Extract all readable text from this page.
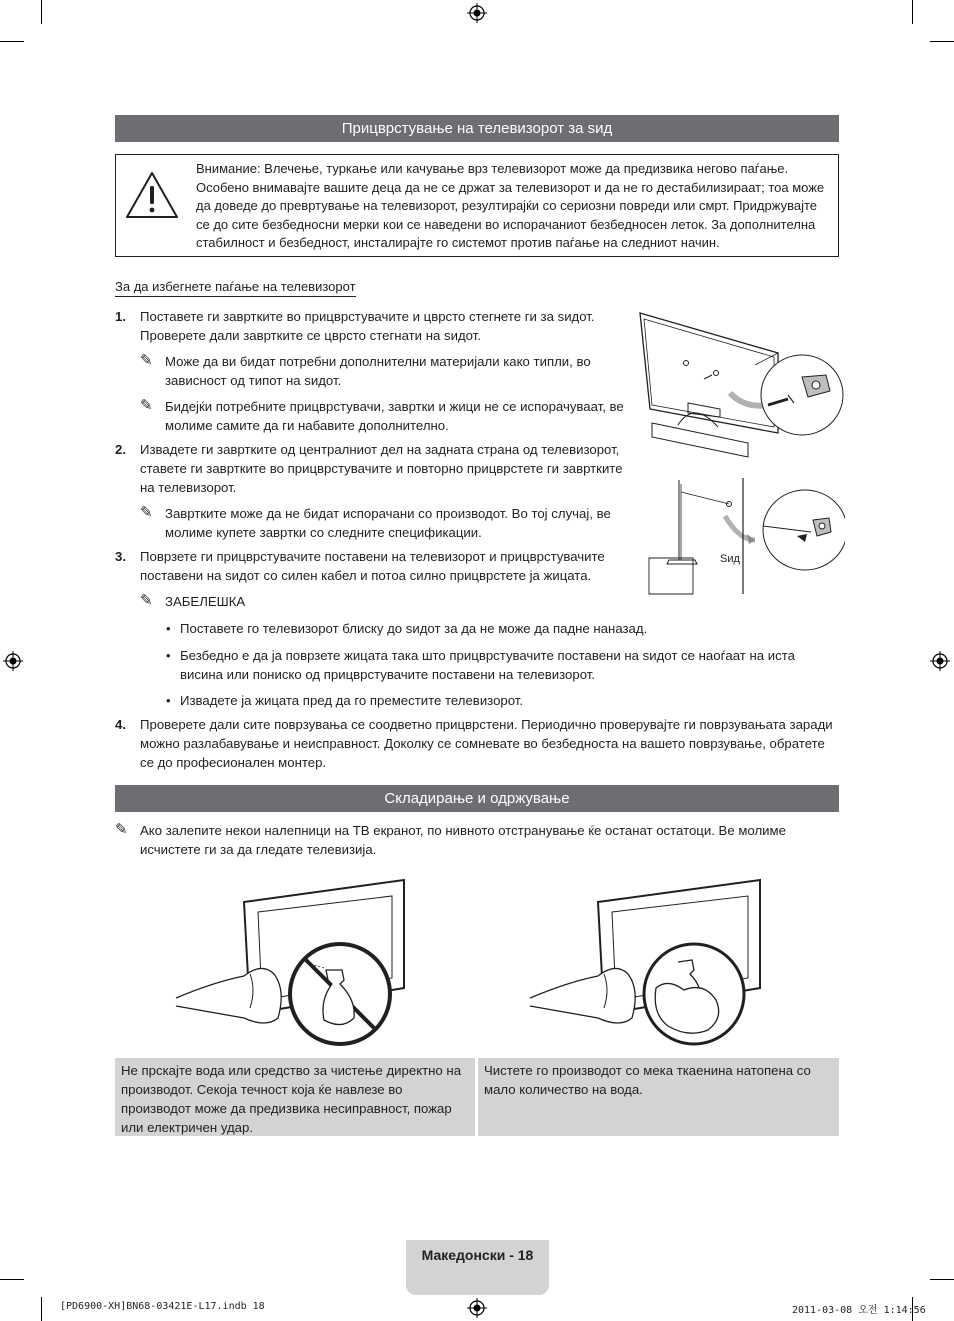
Прицврстување на телевизорот за ѕид
Внимание: Влечење, туркање или качување врз телевизорот може да предизвика негово паѓање. Особено внимавајте вашите деца да не се држат за телевизорот и да не го дестабилизираат; тоа може да доведе до превртување на телевизорот, резултирајќи со сериозни повреди или смрт. Придржувајте се до сите безбедносни мерки кои се наведени во испорачаниот безбедносен леток. За дополнителна стабилност и безбедност, инсталирајте го системот против паѓање на следниот начин.
За да избегнете паѓање на телевизорот
1. Поставете ги завртките во прицврстувачите и цврсто стегнете ги за ѕидот. Проверете дали завртките се цврсто стегнати на ѕидот.
✎ Може да ви бидат потребни дополнителни материјали како типли, во зависност од типот на ѕидот.
✎ Бидејќи потребните прицврстувачи, завртки и жици не се испорачуваат, ве молиме самите да ги набавите дополнително.
2. Извадете ги завртките од централниот дел на задната страна од телевизорот, ставете ги завртките во прицврстувачите и повторно прицврстете ги завртките на телевизорот.
✎ Завртките може да не бидат испорачани со производот. Во тој случај, ве молиме купете завртки со следните спецификации.
3. Поврзете ги прицврстувачите поставени на телевизорот и прицврстувачите поставени на ѕидот со силен кабел и потоа силно прицврстете ја жицата.
✎ ЗАБЕЛЕШКА
• Поставете го телевизорот блиску до ѕидот за да не може да падне наназад.
• Безбедно е да ја поврзете жицата така што прицврстувачите поставени на ѕидот се наоѓаат на иста висина или пониско од прицврстувачите поставени на телевизорот.
• Извадете ја жицата пред да го преместите телевизорот.
4. Проверете дали сите поврзувања се соодветно прицврстени. Периодично проверувајте ги поврзувањата заради можно разлабавување и неисправност. Доколку се сомневате во безбедноста на вашето поврзување, обратете се до професионален монтер.
Ѕид
Складирање и одржување
✎ Ако залепите некои налепници на ТВ екранот, по нивното отстранување ќе останат остатоци. Ве молиме исчистете ги за да гледате телевизија.
Не прскајте вода или средство за чистење директно на производот. Секоја течност која ќе навлезе во производот може да предизвика несиправност, пожар или електричен удар.
Чистете го производот со мека ткаенина натопена со мало количество на вода.
Македонски - 18
[PD6900-XH]BN68-03421E-L17.indb 18	2011-03-08 오전 1:14:56
